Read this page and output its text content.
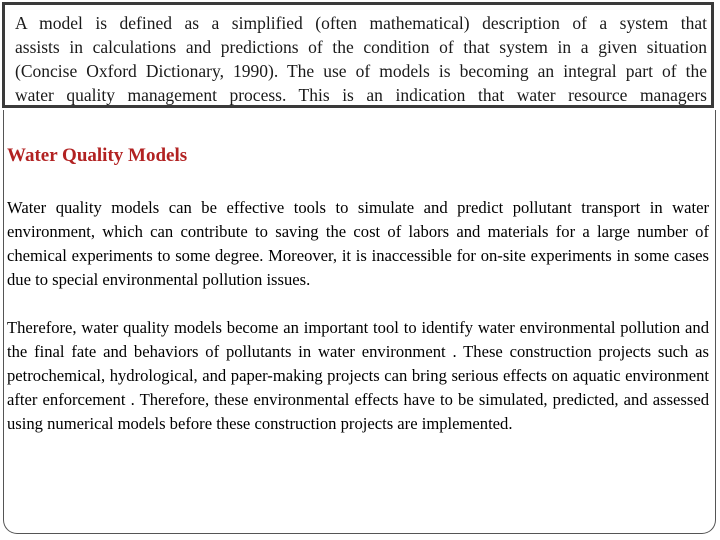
A model is defined as a simplified (often mathematical) description of a system that

assists in calculations and predictions of the condition of that system in a given situation

(Concise Oxford Dictionary, 1990). The use of models is becoming an integral part of the

water quality management process. This is an indication that water resource managers

Water Quality Models

Water quality models can be effective tools to simulate and predict pollutant transport in water environment, which can contribute to saving the cost of labors and materials for a large number of chemical experiments to some degree. Moreover, it is inaccessible for on-site experiments in some cases due to special environmental pollution issues.

Therefore, water quality models become an important tool to identify water environmental pollution and the final fate and behaviors of pollutants in water environment . These construction projects such as petrochemical, hydrological, and paper-making projects can bring serious effects on aquatic environment after enforcement . Therefore, these environmental effects have to be simulated, predicted, and assessed using numerical models before these construction projects are implemented.
